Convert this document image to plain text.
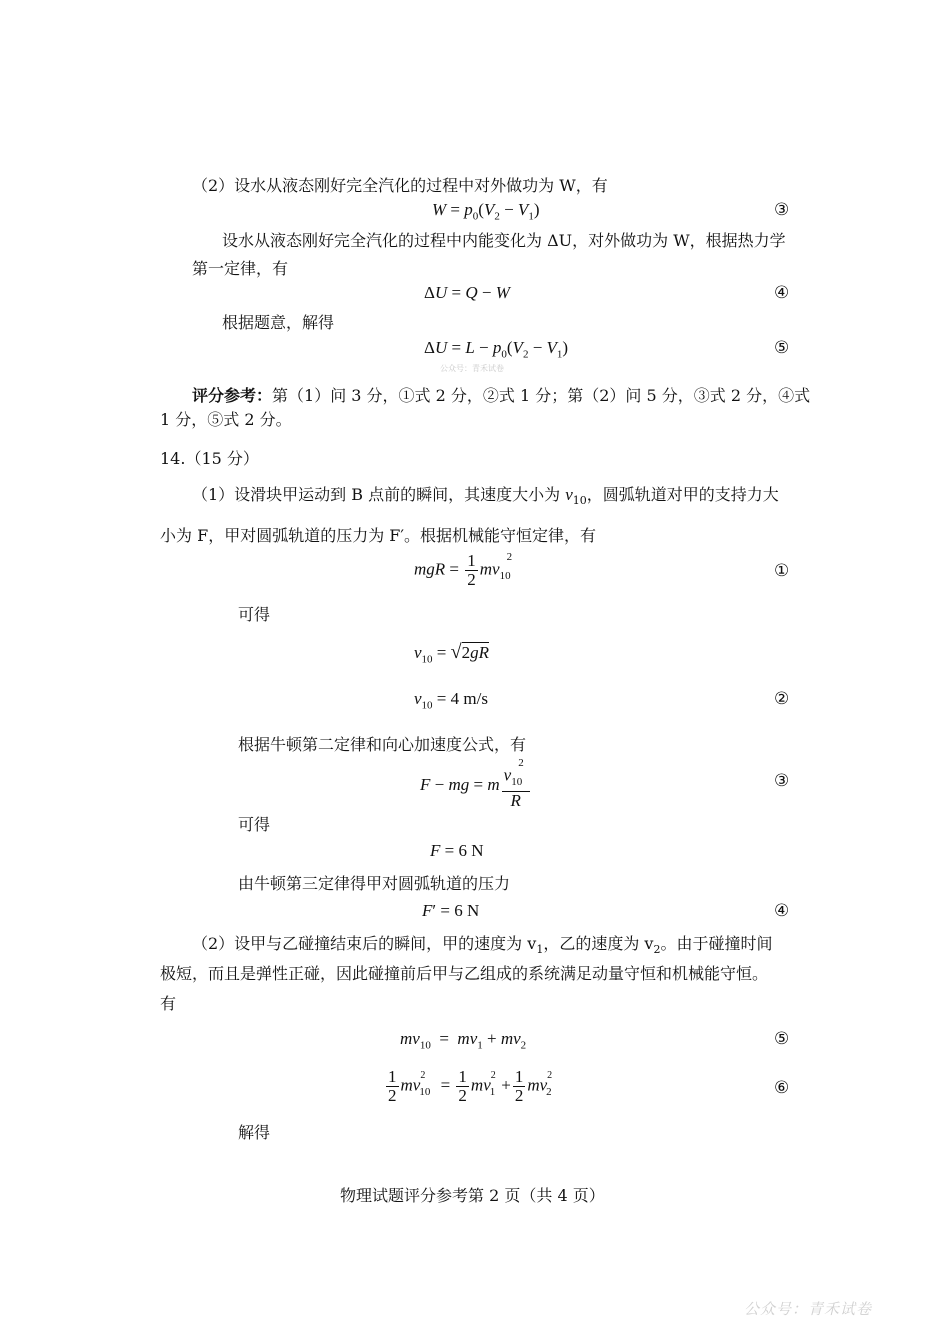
（2）设水从液态刚好完全汽化的过程中对外做功为 W，有
$W = p_0(V_2 - V_1)$	③
设水从液态刚好完全汽化的过程中内能变化为 ΔU，对外做功为 W，根据热力学
第一定律，有
ΔU = Q − W	④
根据题意，解得
$\Delta U = L - p_0(V_2 - V_1)$	⑤
公众号：青禾试卷
评分参考：第（1）问 3 分，①式 2 分，②式 1 分；第（2）问 5 分，③式 2 分，④式
1 分，⑤式 2 分。
14.（15 分）
（1）设滑块甲运动到 B 点前的瞬间，其速度大小为 $v_{10}$，圆弧轨道对甲的支持力大
小为 F，甲对圆弧轨道的压力为 F′。根据机械能守恒定律，有
mgR = $\frac{1}{2} mv_{10}^2$
①
可得
$v_{10} = √2gR$
$v_{10} = 4$ m/s	②
根据牛顿第二定律和向心加速度公式，有
F − mg = m $\frac{v_{10}^2}{R}$	③
可得
F = 6 N
由牛顿第三定律得甲对圆弧轨道的压力
F′ = 6 N	④
（2）设甲与乙碰撞结束后的瞬间，甲的速度为 $v_1$，乙的速度为 $v_2$。由于碰撞时间
极短，而且是弹性正碰，因此碰撞前后甲与乙组成的系统满足动量守恒和机械能守恒。
有
$mv_{10} = mv_1 + mv_2$	⑤
$\frac{1}{2} mv^2_{10} = \frac{1}{2} mv^2_1 + \frac{1}{2} mv^2_2$	⑥
解得
物理试题评分参考第 2 页（共 4 页）
公众号：青禾试卷
